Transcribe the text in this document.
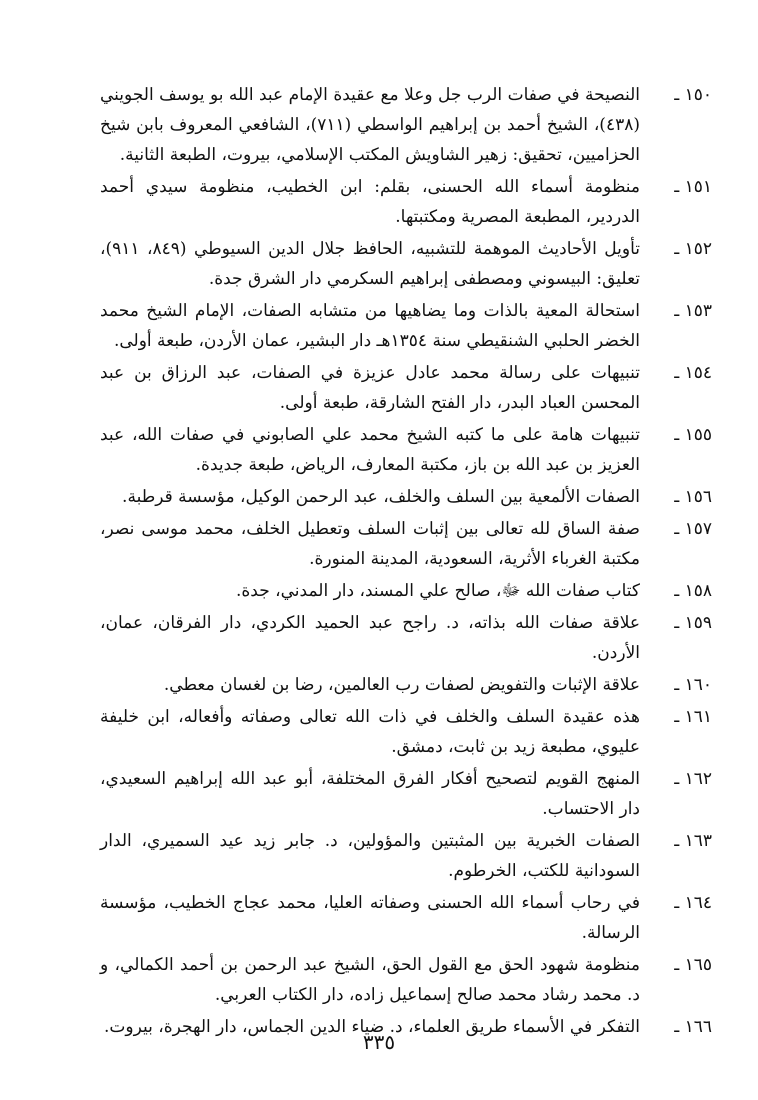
١٥٠ ـ
النصيحة في صفات الرب جل وعلا مع عقيدة الإمام عبد الله بو يوسف الجويني (٤٣٨)، الشيخ أحمد بن إبراهيم الواسطي (٧١١)، الشافعي المعروف بابن شيخ الحزاميين، تحقيق: زهير الشاويش المكتب الإسلامي، بيروت، الطبعة الثانية.
١٥١ ـ
منظومة أسماء الله الحسنى، بقلم: ابن الخطيب، منظومة سيدي أحمد الدردير، المطبعة المصرية ومكتبتها.
١٥٢ ـ
تأويل الأحاديث الموهمة للتشبيه، الحافظ جلال الدين السيوطي (٨٤٩، ٩١١)، تعليق: البيسوني ومصطفى إبراهيم السكرمي دار الشرق جدة.
١٥٣ ـ
استحالة المعية بالذات وما يضاهيها من متشابه الصفات، الإمام الشيخ محمد الخضر الحلبي الشنقيطي سنة ١٣٥٤هـ دار البشير، عمان الأردن، طبعة أولى.
١٥٤ ـ
تنبيهات على رسالة محمد عادل عزيزة في الصفات، عبد الرزاق بن عبد المحسن العباد البدر، دار الفتح الشارقة، طبعة أولى.
١٥٥ ـ
تنبيهات هامة على ما كتبه الشيخ محمد علي الصابوني في صفات الله، عبد العزيز بن عبد الله بن باز، مكتبة المعارف، الرياض، طبعة جديدة.
١٥٦ ـ
الصفات الألمعية بين السلف والخلف، عبد الرحمن الوكيل، مؤسسة قرطبة.
١٥٧ ـ
صفة الساق لله تعالى بين إثبات السلف وتعطيل الخلف، محمد موسى نصر، مكتبة الغرباء الأثرية، السعودية، المدينة المنورة.
١٥٨ ـ
كتاب صفات الله ﷻ، صالح علي المسند، دار المدني، جدة.
١٥٩ ـ
علاقة صفات الله بذاته، د. راجح عبد الحميد الكردي، دار الفرقان، عمان، الأردن.
١٦٠ ـ
علاقة الإثبات والتفويض لصفات رب العالمين، رضا بن لغسان معطي.
١٦١ ـ
هذه عقيدة السلف والخلف في ذات الله تعالى وصفاته وأفعاله، ابن خليفة عليوي، مطبعة زيد بن ثابت، دمشق.
١٦٢ ـ
المنهج القويم لتصحيح أفكار الفرق المختلفة، أبو عبد الله إبراهيم السعيدي، دار الاحتساب.
١٦٣ ـ
الصفات الخبرية بين المثبتين والمؤولين، د. جابر زيد عيد السميري، الدار السودانية للكتب، الخرطوم.
١٦٤ ـ
في رحاب أسماء الله الحسنى وصفاته العليا، محمد عجاج الخطيب، مؤسسة الرسالة.
١٦٥ ـ
منظومة شهود الحق مع القول الحق، الشيخ عبد الرحمن بن أحمد الكمالي، و د. محمد رشاد محمد صالح إسماعيل زاده، دار الكتاب العربي.
١٦٦ ـ
التفكر في الأسماء طريق العلماء، د. ضياء الدين الجماس، دار الهجرة، بيروت.
٣٣٥
